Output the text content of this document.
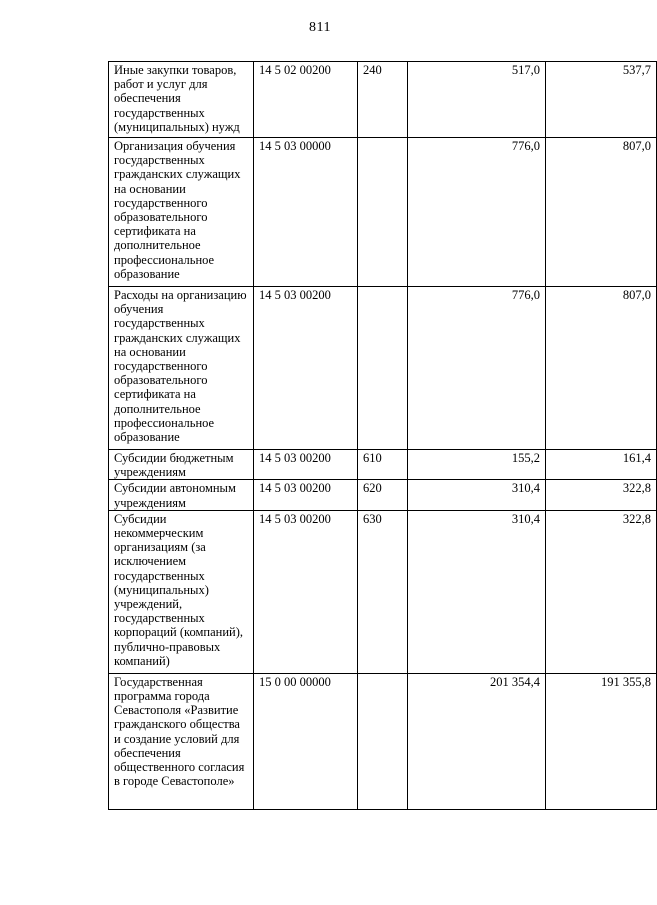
811
Иные закупки товаров, работ и услуг для обеспечения государственных (муниципальных) нужд	14 5 02 00200	240	517,0	537,7
Организация обучения государственных гражданских служащих на основании государственного образовательного сертификата на дополнительное профессиональное образование	14 5 03 00000		776,0	807,0
Расходы на организацию обучения государственных гражданских служащих на основании государственного образовательного сертификата на дополнительное профессиональное образование	14 5 03 00200		776,0	807,0
Субсидии бюджетным учреждениям	14 5 03 00200	610	155,2	161,4
Субсидии автономным учреждениям	14 5 03 00200	620	310,4	322,8
Субсидии некоммерческим организациям (за исключением государственных (муниципальных) учреждений, государственных корпораций (компаний), публично-правовых компаний)	14 5 03 00200	630	310,4	322,8
Государственная программа города Севастополя «Развитие гражданского общества и создание условий для обеспечения общественного согласия в городе Севастополе»	15 0 00 00000		201 354,4	191 355,8
